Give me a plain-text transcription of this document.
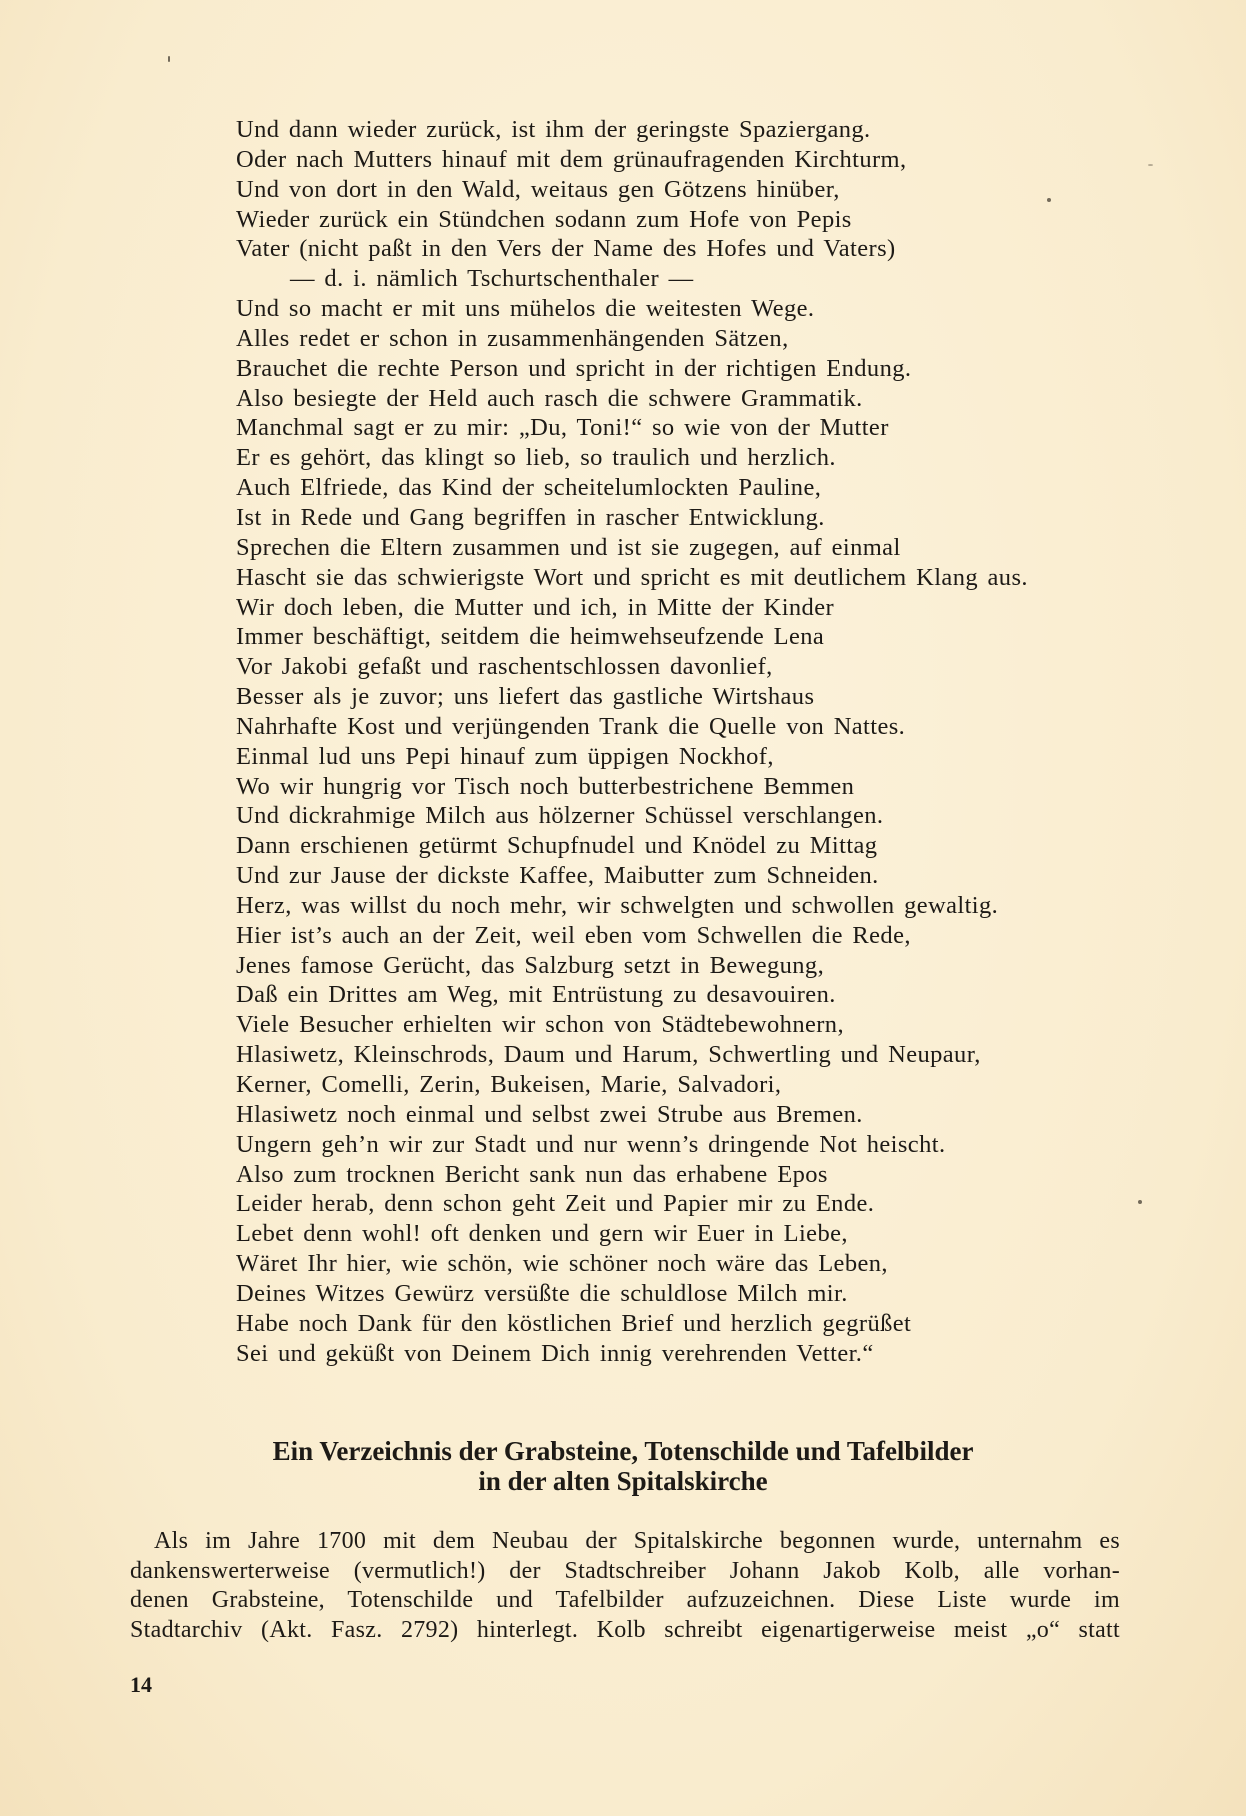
Und dann wieder zurück, ist ihm der geringste Spaziergang.
Oder nach Mutters hinauf mit dem grünaufragenden Kirchturm,
Und von dort in den Wald, weitaus gen Götzens hinüber,
Wieder zurück ein Stündchen sodann zum Hofe von Pepis
Vater (nicht paßt in den Vers der Name des Hofes und Vaters)
— d. i. nämlich Tschurtschenthaler —
Und so macht er mit uns mühelos die weitesten Wege.
Alles redet er schon in zusammenhängenden Sätzen,
Brauchet die rechte Person und spricht in der richtigen Endung.
Also besiegte der Held auch rasch die schwere Grammatik.
Manchmal sagt er zu mir: „Du, Toni!“ so wie von der Mutter
Er es gehört, das klingt so lieb, so traulich und herzlich.
Auch Elfriede, das Kind der scheitelumlockten Pauline,
Ist in Rede und Gang begriffen in rascher Entwicklung.
Sprechen die Eltern zusammen und ist sie zugegen, auf einmal
Hascht sie das schwierigste Wort und spricht es mit deutlichem Klang aus.
Wir doch leben, die Mutter und ich, in Mitte der Kinder
Immer beschäftigt, seitdem die heimwehseufzende Lena
Vor Jakobi gefaßt und raschentschlossen davonlief,
Besser als je zuvor; uns liefert das gastliche Wirtshaus
Nahrhafte Kost und verjüngenden Trank die Quelle von Nattes.
Einmal lud uns Pepi hinauf zum üppigen Nockhof,
Wo wir hungrig vor Tisch noch butterbestrichene Bemmen
Und dickrahmige Milch aus hölzerner Schüssel verschlangen.
Dann erschienen getürmt Schupfnudel und Knödel zu Mittag
Und zur Jause der dickste Kaffee, Maibutter zum Schneiden.
Herz, was willst du noch mehr, wir schwelgten und schwollen gewaltig.
Hier ist’s auch an der Zeit, weil eben vom Schwellen die Rede,
Jenes famose Gerücht, das Salzburg setzt in Bewegung,
Daß ein Drittes am Weg, mit Entrüstung zu desavouiren.
Viele Besucher erhielten wir schon von Städtebewohnern,
Hlasiwetz, Kleinschrods, Daum und Harum, Schwertling und Neupaur,
Kerner, Comelli, Zerin, Bukeisen, Marie, Salvadori,
Hlasiwetz noch einmal und selbst zwei Strube aus Bremen.
Ungern geh’n wir zur Stadt und nur wenn’s dringende Not heischt.
Also zum trocknen Bericht sank nun das erhabene Epos
Leider herab, denn schon geht Zeit und Papier mir zu Ende.
Lebet denn wohl! oft denken und gern wir Euer in Liebe,
Wäret Ihr hier, wie schön, wie schöner noch wäre das Leben,
Deines Witzes Gewürz versüßte die schuldlose Milch mir.
Habe noch Dank für den köstlichen Brief und herzlich gegrüßet
Sei und geküßt von Deinem Dich innig verehrenden Vetter.“
Ein Verzeichnis der Grabsteine, Totenschilde und Tafelbilder
in der alten Spitalskirche
Als im Jahre 1700 mit dem Neubau der Spitalskirche begonnen wurde, unternahm es
dankenswerterweise (vermutlich!) der Stadtschreiber Johann Jakob Kolb, alle vorhan-
denen Grabsteine, Totenschilde und Tafelbilder aufzuzeichnen. Diese Liste wurde im
Stadtarchiv (Akt. Fasz. 2792) hinterlegt. Kolb schreibt eigenartigerweise meist „o“ statt
14
